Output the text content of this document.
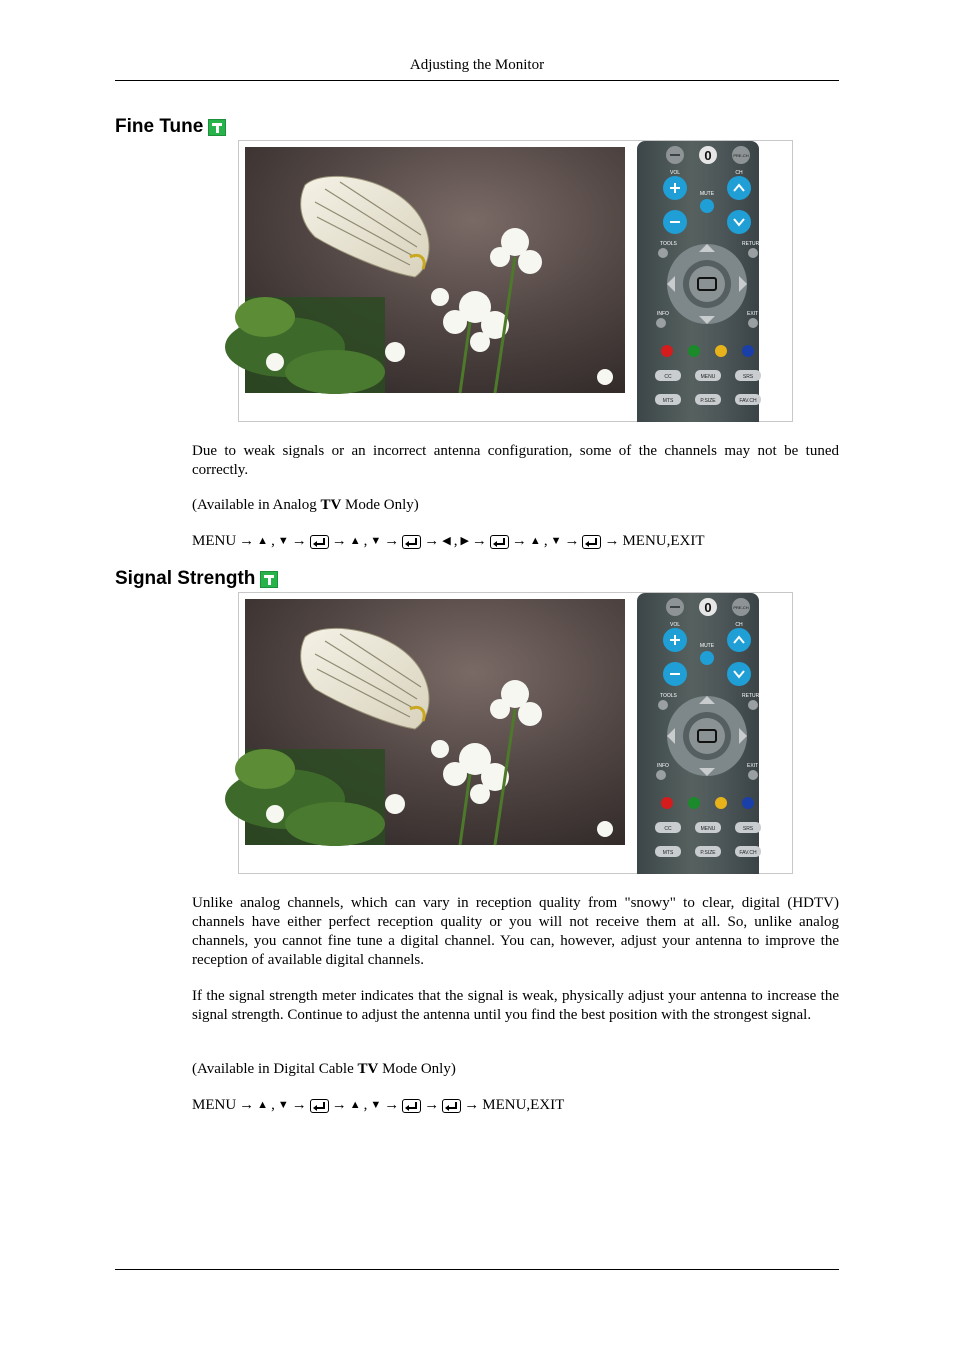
Adjusting the Monitor
Fine Tune
0	PRE-CH
VOL	CH
MUTE
TOOLS	RETURN
INFO	EXIT
CC	MENU	SRS
MTS	P.SIZE	FAV.CH

Due to weak signals or an incorrect antenna configuration, some of the channels may not be tuned correctly.

(Available in Analog TV Mode Only)

MENU → ▲ , ▼ → → ▲ , ▼ → → ◀ , ▶ → → ▲ , ▼ → → MENU,EXIT
Signal Strength
0	PRE-CH
VOL	CH
MUTE
TOOLS	RETURN
INFO	EXIT
CC	MENU	SRS
MTS	P.SIZE	FAV.CH

Unlike analog channels, which can vary in reception quality from "snowy" to clear, digital (HDTV) channels have either perfect reception quality or you will not receive them at all. So, unlike analog channels, you cannot fine tune a digital channel. You can, however, adjust your antenna to improve the reception of available digital channels.

If the signal strength meter indicates that the signal is weak, physically adjust your antenna to increase the signal strength. Continue to adjust the antenna until you find the best position with the strongest signal.

(Available in Digital Cable TV Mode Only)

MENU → ▲ , ▼ → → ▲ , ▼ → → → MENU,EXIT
